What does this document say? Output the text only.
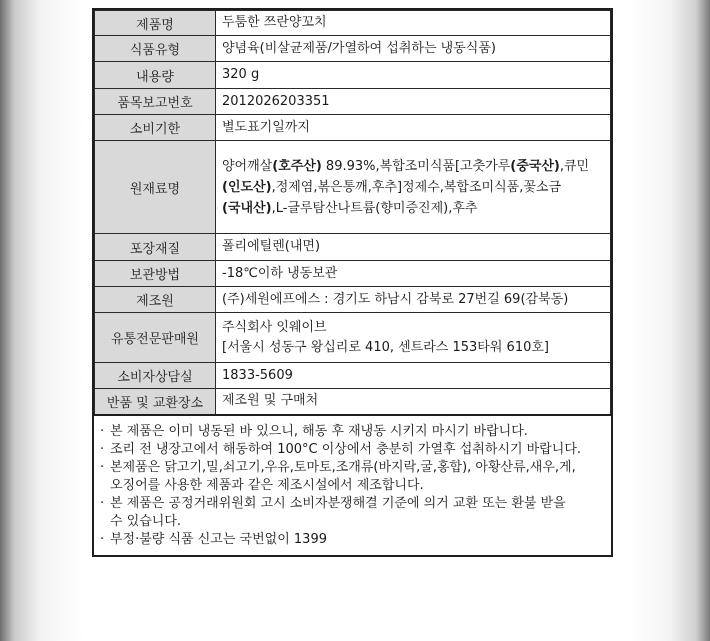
제품명	두툼한 쯔란양꼬치
식품유형	양념육(비살균제품/가열하여 섭취하는 냉동식품)
내용량	320 g
품목보고번호	2012026203351
소비기한	별도표기일까지
원재료명	양어깨살(호주산) 89.93%,복합조미식품[고춧가루(중국산),큐민
(인도산),정제염,볶은통깨,후추]정제수,복합조미식품,꽃소금
(국내산),L-글루탐산나트륨(향미증진제),후추

포장재질	폴리에틸렌(내면)
보관방법	-18℃이하 냉동보관
제조원	(주)세원에프에스 : 경기도 하남시 감북로 27번길 69(감북동)
유통전문판매원	주식회사 잇웨이브
[서울시 성동구 왕십리로 410, 센트라스 153타워 610호]

소비자상담실	1833-5609
반품 및 교환장소	제조원 및 구매처
· 본 제품은 이미 냉동된 바 있으니, 해동 후 재냉동 시키지 마시기 바랍니다.
· 조리 전 냉장고에서 해동하여 100°C 이상에서 충분히 가열후 섭취하시기 바랍니다.
· 본제품은 닭고기,밀,쇠고기,우유,토마토,조개류(바지락,굴,홍합), 아황산류,새우,게,
오징어를 사용한 제품과 같은 제조시설에서 제조합니다.
· 본 제품은 공정거래위원회 고시 소비자분쟁해결 기준에 의거 교환 또는 환불 받을
수 있습니다.
· 부정·불량 식품 신고는 국번없이 1399
